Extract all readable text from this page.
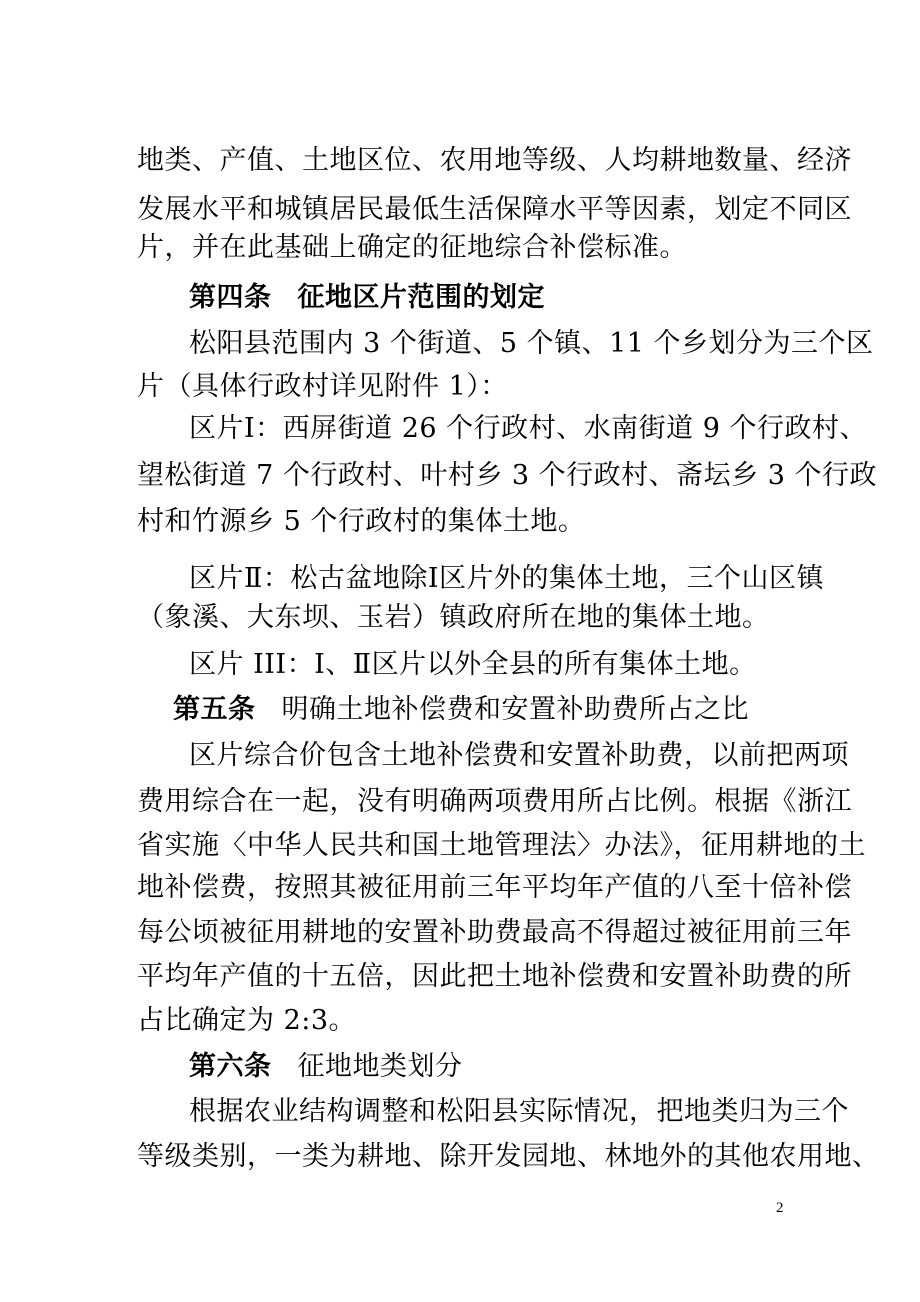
地类、产值、土地区位、农用地等级、人均耕地数量、经济
发展水平和城镇居民最低生活保障水平等因素，划定不同区
片，并在此基础上确定的征地综合补偿标准。
第四条 征地区片范围的划定
松阳县范围内 3 个街道、5 个镇、11 个乡划分为三个区
片（具体行政村详见附件 1）：
区片Ⅰ：西屏街道 26 个行政村、水南街道 9 个行政村、
望松街道 7 个行政村、叶村乡 3 个行政村、斋坛乡 3 个行政
村和竹源乡 5 个行政村的集体土地。
区片Ⅱ：松古盆地除Ⅰ区片外的集体土地，三个山区镇
（象溪、大东坝、玉岩）镇政府所在地的集体土地。
区片 III：Ⅰ、Ⅱ区片以外全县的所有集体土地。
第五条 明确土地补偿费和安置补助费所占之比
区片综合价包含土地补偿费和安置补助费，以前把两项
费用综合在一起，没有明确两项费用所占比例。根据《浙江
省实施〈中华人民共和国土地管理法〉办法》，征用耕地的土
地补偿费，按照其被征用前三年平均年产值的八至十倍补偿
每公顷被征用耕地的安置补助费最高不得超过被征用前三年
平均年产值的十五倍，因此把土地补偿费和安置补助费的所
占比确定为 2:3。
第六条 征地地类划分
根据农业结构调整和松阳县实际情况，把地类归为三个
等级类别，一类为耕地、除开发园地、林地外的其他农用地、
2
